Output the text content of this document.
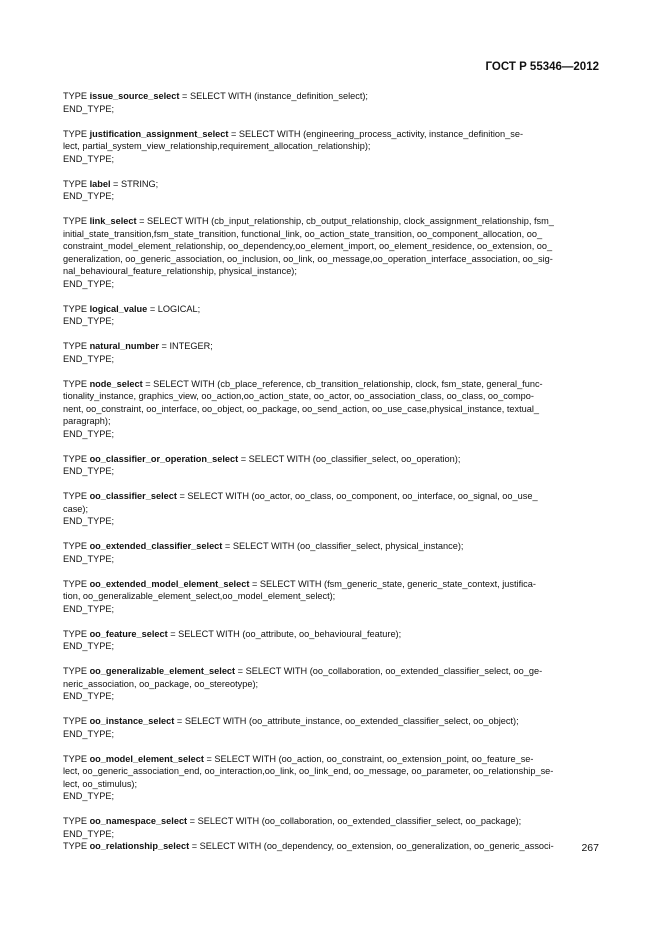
ГОСТ Р 55346—2012
TYPE issue_source_select = SELECT WITH (instance_definition_select);
END_TYPE;
TYPE justification_assignment_select = SELECT WITH (engineering_process_activity, instance_definition_se-
lect, partial_system_view_relationship,requirement_allocation_relationship);
END_TYPE;
TYPE label = STRING;
END_TYPE;
TYPE link_select = SELECT WITH (cb_input_relationship, cb_output_relationship, clock_assignment_relationship, fsm_
initial_state_transition,fsm_state_transition, functional_link, oo_action_state_transition, oo_component_allocation, oo_
constraint_model_element_relationship, oo_dependency,oo_element_import, oo_element_residence, oo_extension, oo_
generalization, oo_generic_association, oo_inclusion, oo_link, oo_message,oo_operation_interface_association, oo_sig-
nal_behavioural_feature_relationship, physical_instance);
END_TYPE;
TYPE logical_value = LOGICAL;
END_TYPE;
TYPE natural_number = INTEGER;
END_TYPE;
TYPE node_select = SELECT WITH (cb_place_reference, cb_transition_relationship, clock, fsm_state, general_func-
tionality_instance, graphics_view, oo_action,oo_action_state, oo_actor, oo_association_class, oo_class, oo_compo-
nent, oo_constraint, oo_interface, oo_object, oo_package, oo_send_action, oo_use_case,physical_instance, textual_
paragraph);
END_TYPE;
TYPE oo_classifier_or_operation_select = SELECT WITH (oo_classifier_select, oo_operation);
END_TYPE;
TYPE oo_classifier_select = SELECT WITH (oo_actor, oo_class, oo_component, oo_interface, oo_signal, oo_use_
case);
END_TYPE;
TYPE oo_extended_classifier_select = SELECT WITH (oo_classifier_select, physical_instance);
END_TYPE;
TYPE oo_extended_model_element_select = SELECT WITH (fsm_generic_state, generic_state_context, justifica-
tion, oo_generalizable_element_select,oo_model_element_select);
END_TYPE;
TYPE oo_feature_select = SELECT WITH (oo_attribute, oo_behavioural_feature);
END_TYPE;
TYPE oo_generalizable_element_select = SELECT WITH (oo_collaboration, oo_extended_classifier_select, oo_ge-
neric_association, oo_package, oo_stereotype);
END_TYPE;
TYPE oo_instance_select = SELECT WITH (oo_attribute_instance, oo_extended_classifier_select, oo_object);
END_TYPE;
TYPE oo_model_element_select = SELECT WITH (oo_action, oo_constraint, oo_extension_point, oo_feature_se-
lect, oo_generic_association_end, oo_interaction,oo_link, oo_link_end, oo_message, oo_parameter, oo_relationship_se-
lect, oo_stimulus);
END_TYPE;
TYPE oo_namespace_select = SELECT WITH (oo_collaboration, oo_extended_classifier_select, oo_package);
END_TYPE;
TYPE oo_relationship_select = SELECT WITH (oo_dependency, oo_extension, oo_generalization, oo_generic_associ-	267
